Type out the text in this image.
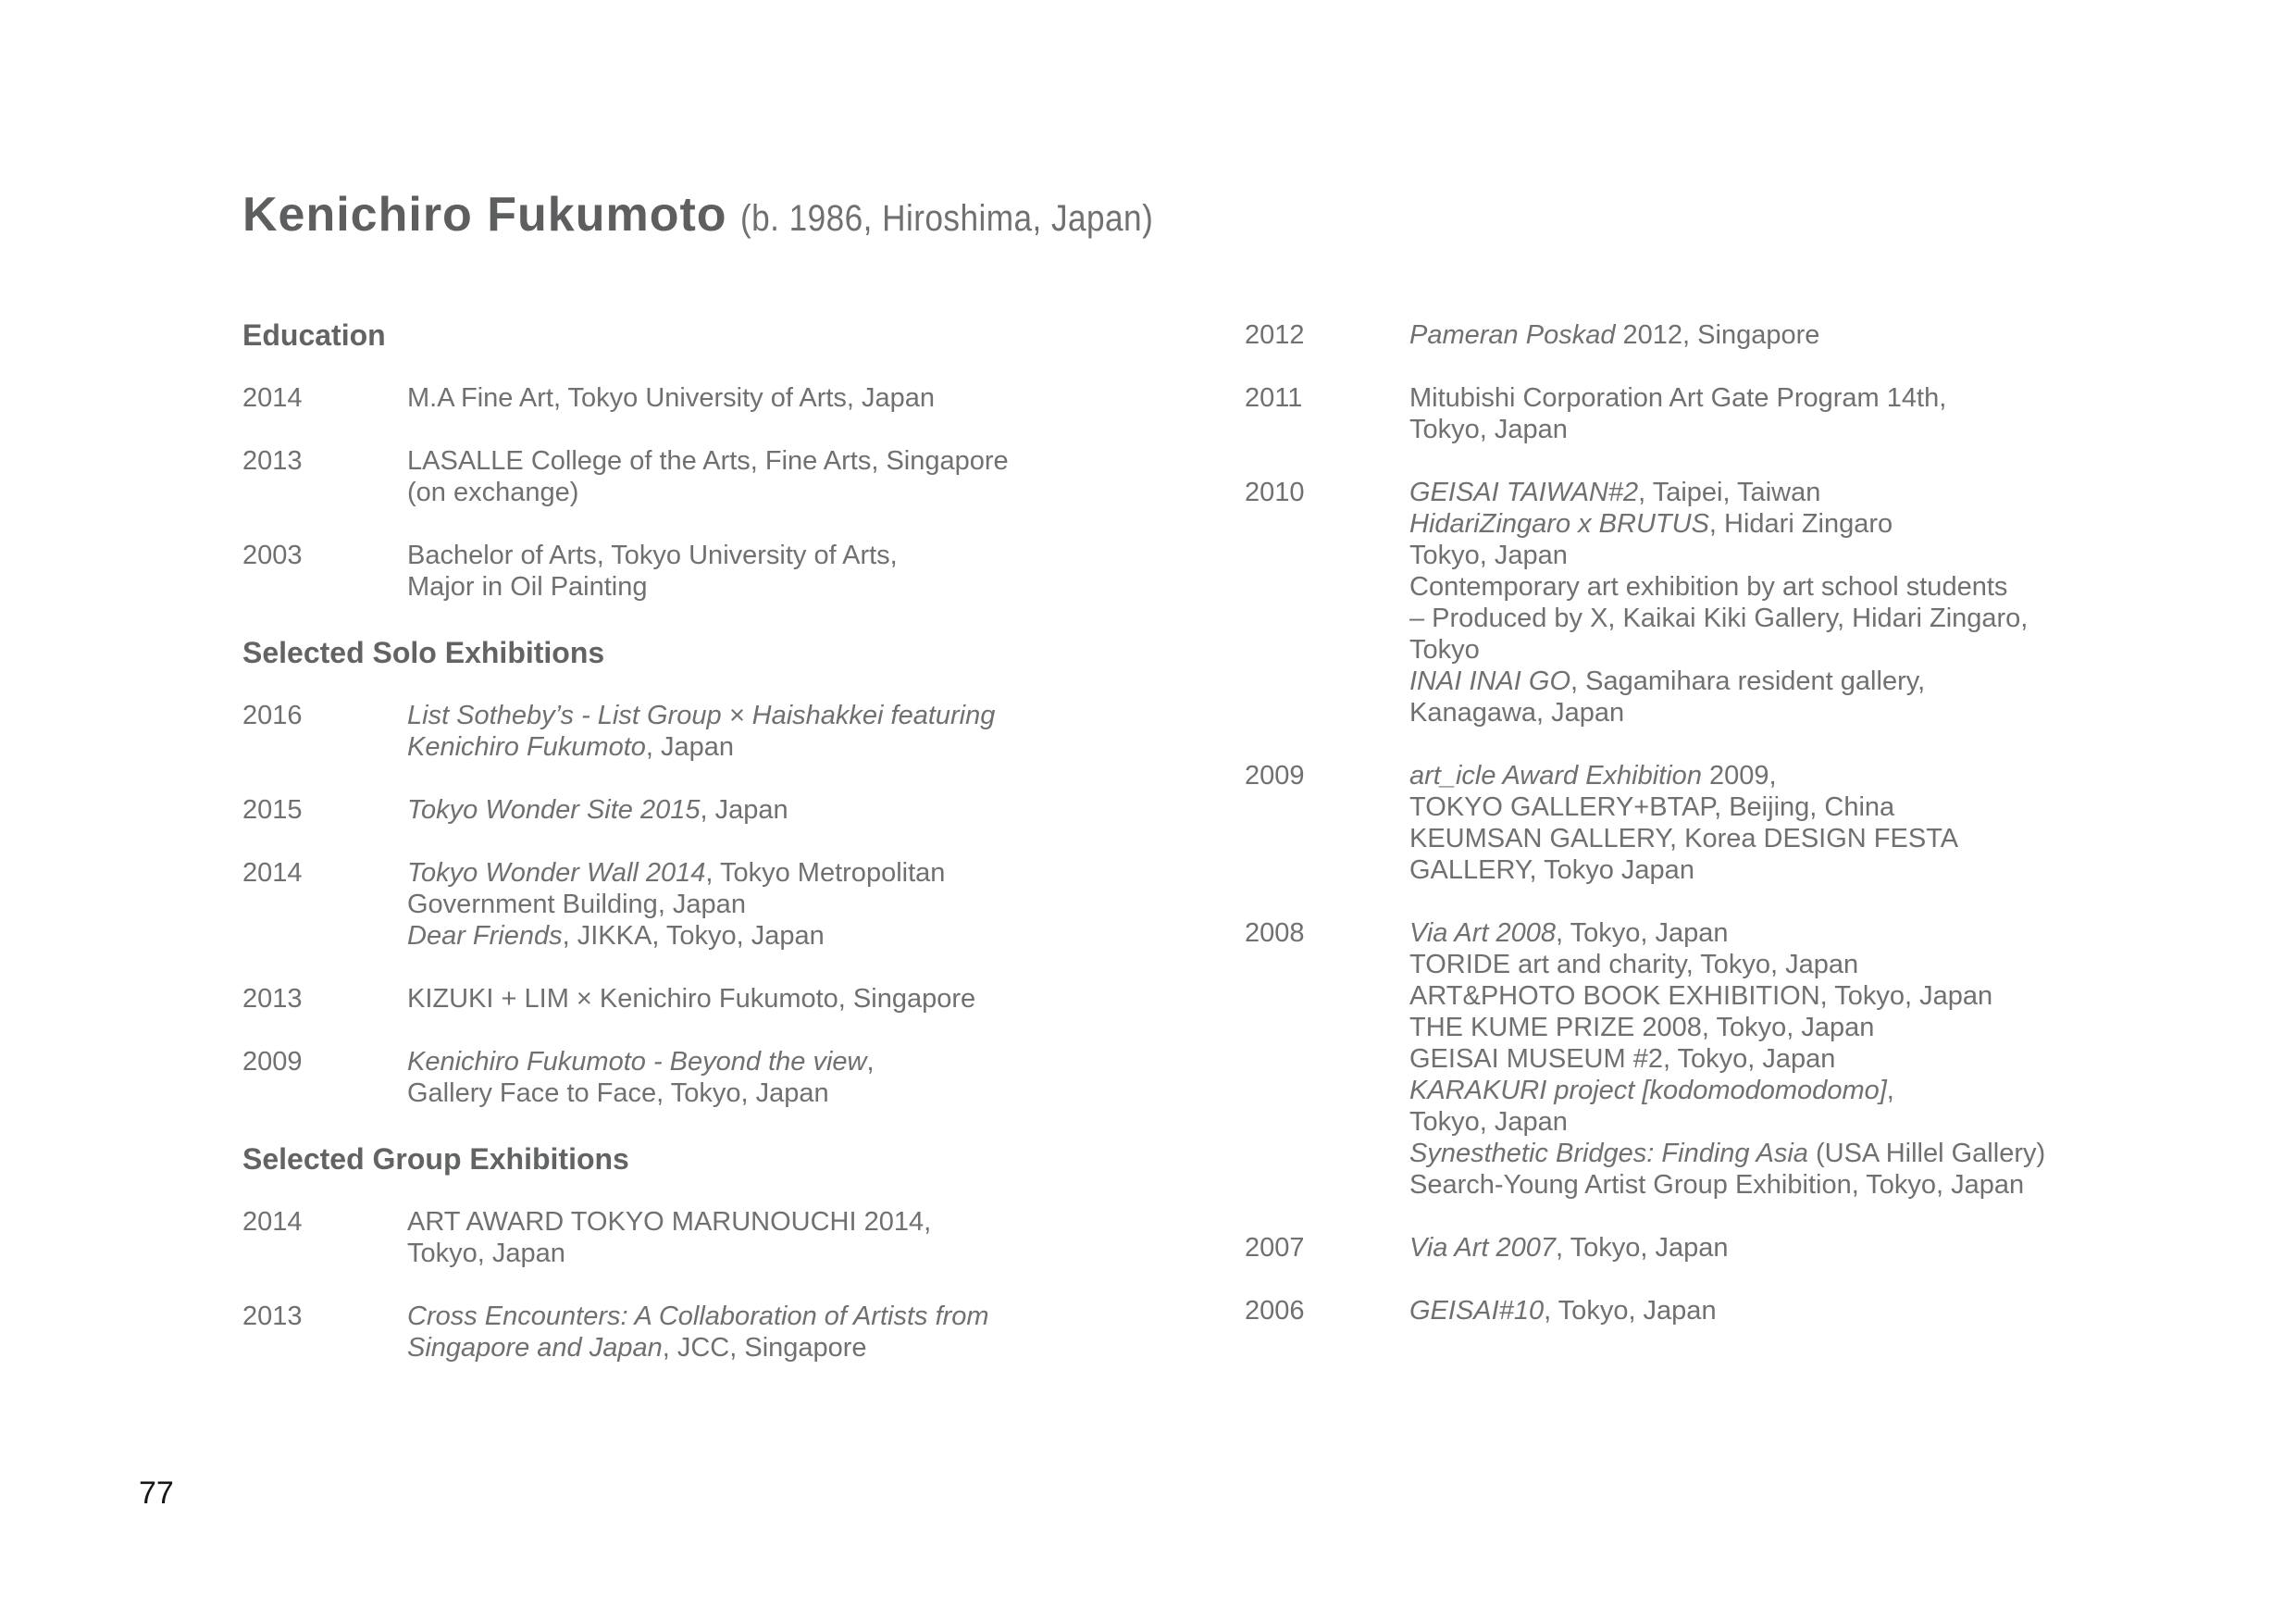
Kenichiro Fukumoto (b. 1986, Hiroshima, Japan)
Education
2014	M.A Fine Art, Tokyo University of Arts, Japan
2013	LASALLE College of the Arts, Fine Arts, Singapore
(on exchange)
2003	Bachelor of Arts, Tokyo University of Arts,
Major in Oil Painting
Selected Solo Exhibitions
2016	List Sotheby’s - List Group × Haishakkei featuring
Kenichiro Fukumoto, Japan
2015	Tokyo Wonder Site 2015, Japan
2014	Tokyo Wonder Wall 2014, Tokyo Metropolitan
Government Building, Japan
Dear Friends, JIKKA, Tokyo, Japan
2013	KIZUKI + LIM × Kenichiro Fukumoto, Singapore
2009	Kenichiro Fukumoto - Beyond the view,
Gallery Face to Face, Tokyo, Japan
Selected Group Exhibitions
2014	ART AWARD TOKYO MARUNOUCHI 2014,
Tokyo, Japan
2013	Cross Encounters: A Collaboration of Artists from
Singapore and Japan, JCC, Singapore
2012	Pameran Poskad 2012, Singapore
2011	Mitubishi Corporation Art Gate Program 14th,
Tokyo, Japan
2010	GEISAI TAIWAN#2, Taipei, Taiwan
HidariZingaro x BRUTUS, Hidari Zingaro
Tokyo, Japan
Contemporary art exhibition by art school students
– Produced by X, Kaikai Kiki Gallery, Hidari Zingaro,
Tokyo
INAI INAI GO, Sagamihara resident gallery,
Kanagawa, Japan
2009	art_icle Award Exhibition 2009,
TOKYO GALLERY+BTAP, Beijing, China
KEUMSAN GALLERY, Korea DESIGN FESTA
GALLERY, Tokyo Japan
2008	Via Art 2008, Tokyo, Japan
TORIDE art and charity, Tokyo, Japan
ART&PHOTO BOOK EXHIBITION, Tokyo, Japan
THE KUME PRIZE 2008, Tokyo, Japan
GEISAI MUSEUM #2, Tokyo, Japan
KARAKURI project [kodomodomodomo],
Tokyo, Japan
Synesthetic Bridges: Finding Asia (USA Hillel Gallery)
Search-Young Artist Group Exhibition, Tokyo, Japan
2007	Via Art 2007, Tokyo, Japan
2006	GEISAI#10, Tokyo, Japan
77
